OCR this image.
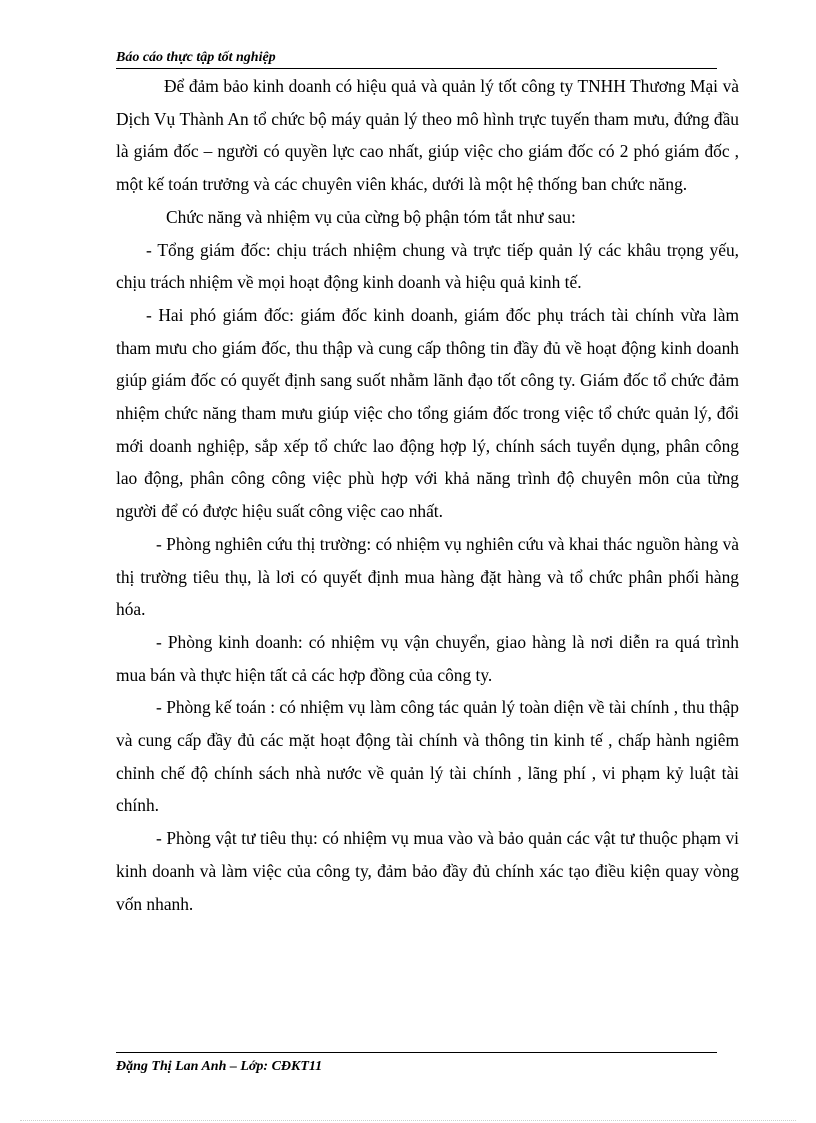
Báo cáo thực tập tốt nghiệp

Để đảm bảo kinh doanh có hiệu quả và quản lý tốt công ty TNHH Thương Mại và Dịch Vụ Thành An tổ chức bộ máy quản lý theo mô hình trực tuyến tham mưu, đứng đầu là giám đốc – người có quyền lực cao nhất, giúp việc cho giám đốc có 2 phó giám đốc , một kế toán trưởng và các chuyên viên khác, dưới là một hệ thống ban chức năng.

Chức năng và nhiệm vụ của cừng bộ phận tóm tắt như sau:

- Tổng giám đốc: chịu trách nhiệm chung và trực tiếp quản lý các khâu trọng yếu, chịu trách nhiệm về mọi hoạt động kinh doanh và hiệu quả kinh tế.

- Hai phó giám đốc: giám đốc kinh doanh, giám đốc phụ trách tài chính vừa làm tham mưu cho giám đốc, thu thập và cung cấp thông tin đầy đủ về hoạt động kinh doanh giúp giám đốc có quyết định sang suốt nhằm lãnh đạo tốt công ty. Giám đốc tổ chức đảm nhiệm chức năng tham mưu giúp việc cho tổng giám đốc trong việc tổ chức quản lý, đổi mới doanh nghiệp, sắp xếp tổ chức lao động hợp lý, chính sách tuyển dụng, phân công lao động, phân công công việc phù hợp với khả năng trình độ chuyên môn của từng người để có được hiệu suất công việc cao nhất.

- Phòng nghiên cứu thị trường: có nhiệm vụ nghiên cứu và khai thác nguồn hàng và thị trường tiêu thụ, là lơi có quyết định mua hàng đặt hàng và tổ chức phân phối hàng hóa.

- Phòng kinh doanh: có nhiệm vụ vận chuyển, giao hàng là nơi diễn ra quá trình mua bán và thực hiện tất cả các hợp đồng của công ty.

- Phòng kế toán : có nhiệm vụ làm công tác quản lý toàn diện về tài chính , thu thập và cung cấp đầy đủ các mặt hoạt động tài chính và thông tin kinh tế , chấp hành ngiêm chỉnh chế độ chính sách nhà nước về quản lý tài chính , lãng phí , vi phạm kỷ luật tài chính.

- Phòng vật tư tiêu thụ: có nhiệm vụ mua vào và bảo quản các vật tư thuộc phạm vi kinh doanh và làm việc của công ty, đảm bảo đầy đủ chính xác tạo điều kiện quay vòng vốn nhanh.

Đặng Thị Lan Anh – Lớp: CĐKT11
